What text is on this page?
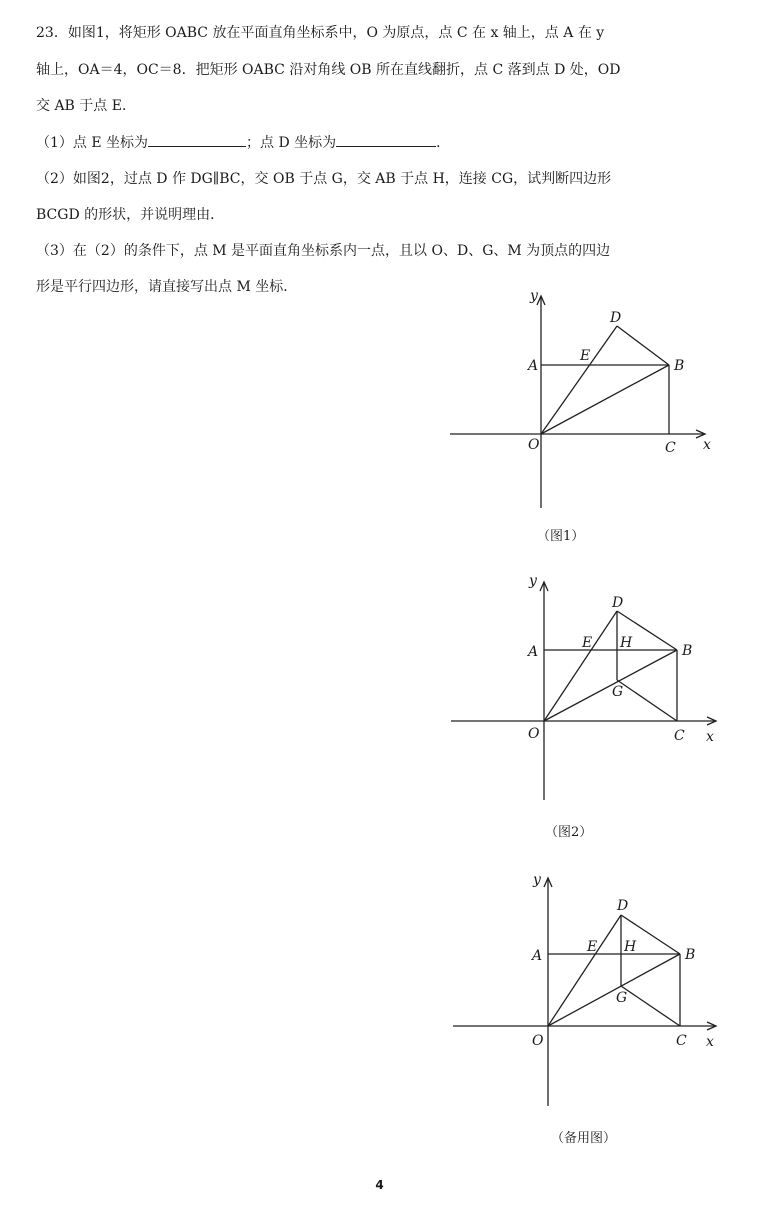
23．如图1，将矩形 OABC 放在平面直角坐标系中，O 为原点，点 C 在 x 轴上，点 A 在 y
轴上，OA＝4，OC＝8．把矩形 OABC 沿对角线 OB 所在直线翻折，点 C 落到点 D 处，OD
交 AB 于点 E．
（1）点 E 坐标为	；点 D 坐标为	．
（2）如图2，过点 D 作 DG∥BC，交 OB 于点 G，交 AB 于点 H，连接 CG，试判断四边形
BCGD 的形状，并说明理由．
（3）在（2）的条件下，点 M 是平面直角坐标系内一点，且以 O、D、G、M 为顶点的四边
形是平行四边形，请直接写出点 M 坐标．
y
x
O
A	B
C
D
E
（图1）
y
x
O
A	B
C
D
E H
G
（图2）
y
x
O
A	B
C
D
E H
G
（备用图）
4
